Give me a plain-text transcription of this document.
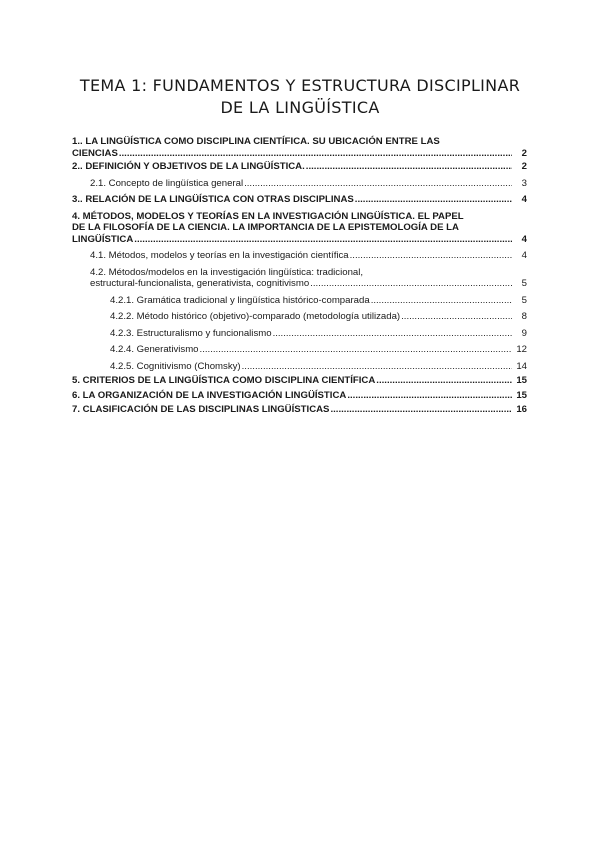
TEMA 1: FUNDAMENTOS Y ESTRUCTURA DISCIPLINAR
DE LA LINGÜÍSTICA
1.. LA LINGÜÍSTICA COMO DISCIPLINA CIENTÍFICA. SU UBICACIÓN ENTRE LAS
CIENCIAS .....	2
2.. DEFINICIÓN Y OBJETIVOS DE LA LINGÜÍSTICA. .....	2
2.1. Concepto de lingüística general .....	3
3.. RELACIÓN DE LA LINGÜÍSTICA CON OTRAS DISCIPLINAS .....	4
4. MÉTODOS, MODELOS Y TEORÍAS EN LA INVESTIGACIÓN LINGÜÍSTICA. EL PAPEL
DE LA FILOSOFÍA DE LA CIENCIA. LA IMPORTANCIA DE LA EPISTEMOLOGÍA DE LA
LINGÜÍSTICA .....	4
4.1. Métodos, modelos y teorías en la investigación científica .....	4
4.2. Métodos/modelos en la investigación lingüística: tradicional,
estructural-funcionalista, generativista, cognitivismo .....	5
4.2.1. Gramática tradicional y lingüística histórico-comparada .....	5
4.2.2. Método histórico (objetivo)-comparado (metodología utilizada) .....	8
4.2.3. Estructuralismo y funcionalismo .....	9
4.2.4. Generativismo .....	12
4.2.5. Cognitivismo (Chomsky) .....	14
5. CRITERIOS DE LA LINGÜÍSTICA COMO DISCIPLINA CIENTÍFICA .....	15
6. LA ORGANIZACIÓN DE LA INVESTIGACIÓN LINGÜÍSTICA .....	15
7. CLASIFICACIÓN DE LAS DISCIPLINAS LINGÜÍSTICAS .....	16
